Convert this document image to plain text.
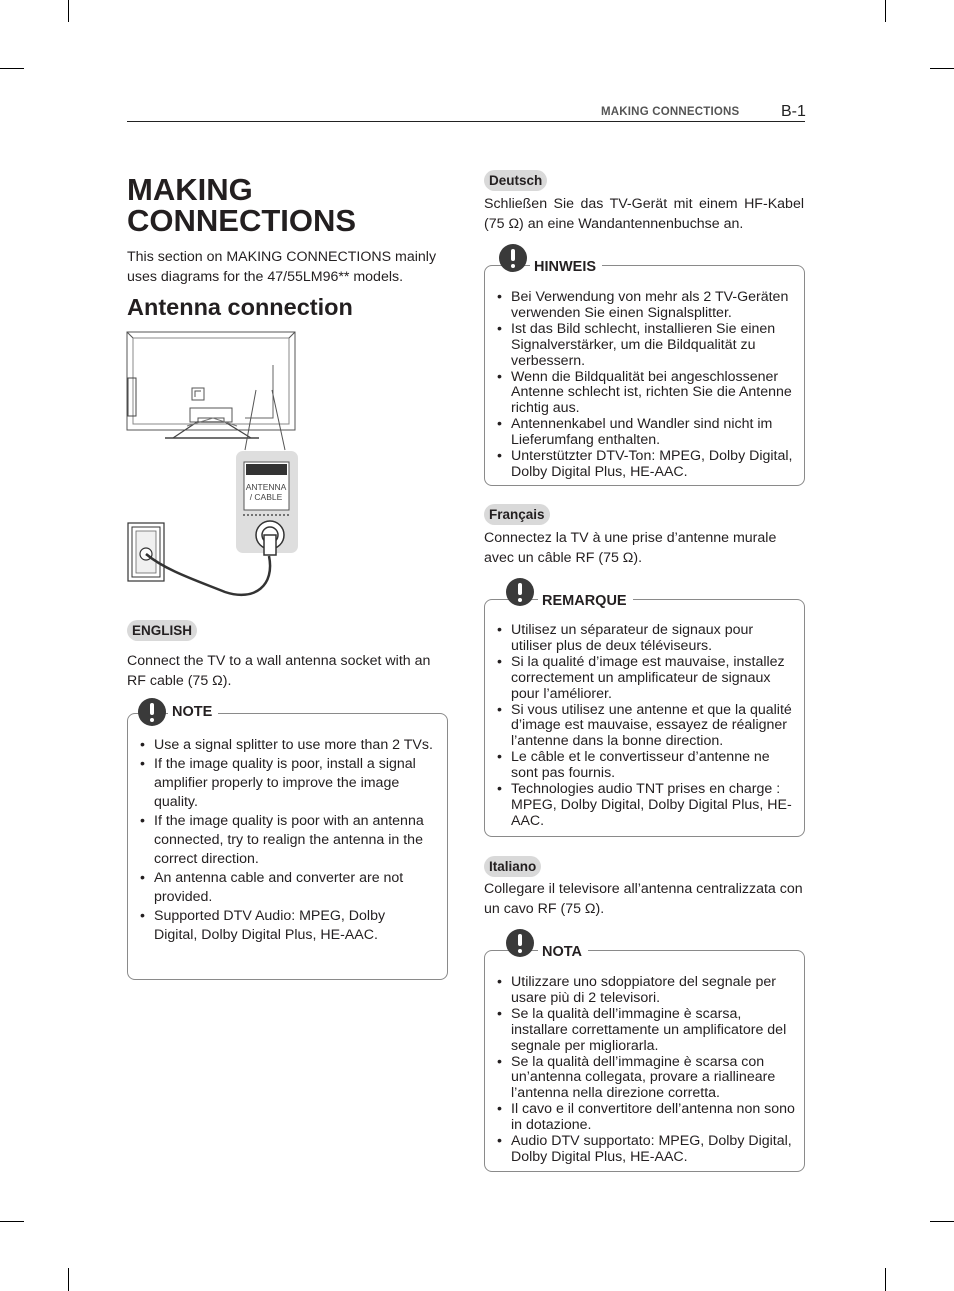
MAKING CONNECTIONS	B-1
MAKING
CONNECTIONS
This section on MAKING CONNECTIONS mainly uses diagrams for the 47/55LM96** models.
Antenna connection
ANTENNA
/ CABLE
ENGLISH
Connect the TV to a wall antenna socket with an RF cable (75 Ω).
NOTE
• Use a signal splitter to use more than 2 TVs.
• If the image quality is poor, install a signal amplifier properly to improve the image quality.
• If the image quality is poor with an antenna connected, try to realign the antenna in the correct direction.
• An antenna cable and converter are not provided.
• Supported DTV Audio: MPEG, Dolby Digital, Dolby Digital Plus, HE-AAC.
Deutsch
Schließen Sie das TV-Gerät mit einem HF-Kabel (75 Ω) an eine Wandantennenbuchse an.
HINWEIS
• Bei Verwendung von mehr als 2 TV-Geräten verwenden Sie einen Signalsplitter.
• Ist das Bild schlecht, installieren Sie einen Signalverstärker, um die Bildqualität zu verbessern.
• Wenn die Bildqualität bei angeschlossener Antenne schlecht ist, richten Sie die Antenne richtig aus.
• Antennenkabel und Wandler sind nicht im Lieferumfang enthalten.
• Unterstützter DTV-Ton: MPEG, Dolby Digital, Dolby Digital Plus, HE-AAC.
Français
Connectez la TV à une prise d’antenne murale avec un câble RF (75 Ω).
REMARQUE
• Utilisez un séparateur de signaux pour utiliser plus de deux téléviseurs.
• Si la qualité d’image est mauvaise, installez correctement un amplificateur de signaux pour l’améliorer.
• Si vous utilisez une antenne et que la qualité d’image est mauvaise, essayez de réaligner l’antenne dans la bonne direction.
• Le câble et le convertisseur d’antenne ne sont pas fournis.
• Technologies audio TNT prises en charge : MPEG, Dolby Digital, Dolby Digital Plus, HE-AAC.
Italiano
Collegare il televisore all’antenna centralizzata con un cavo RF (75 Ω).
NOTA
• Utilizzare uno sdoppiatore del segnale per usare più di 2 televisori.
• Se la qualità dell’immagine è scarsa, installare correttamente un amplificatore del segnale per migliorarla.
• Se la qualità dell’immagine è scarsa con un’antenna collegata, provare a riallineare l’antenna nella direzione corretta.
• Il cavo e il convertitore dell’antenna non sono in dotazione.
• Audio DTV supportato: MPEG, Dolby Digital, Dolby Digital Plus, HE-AAC.
